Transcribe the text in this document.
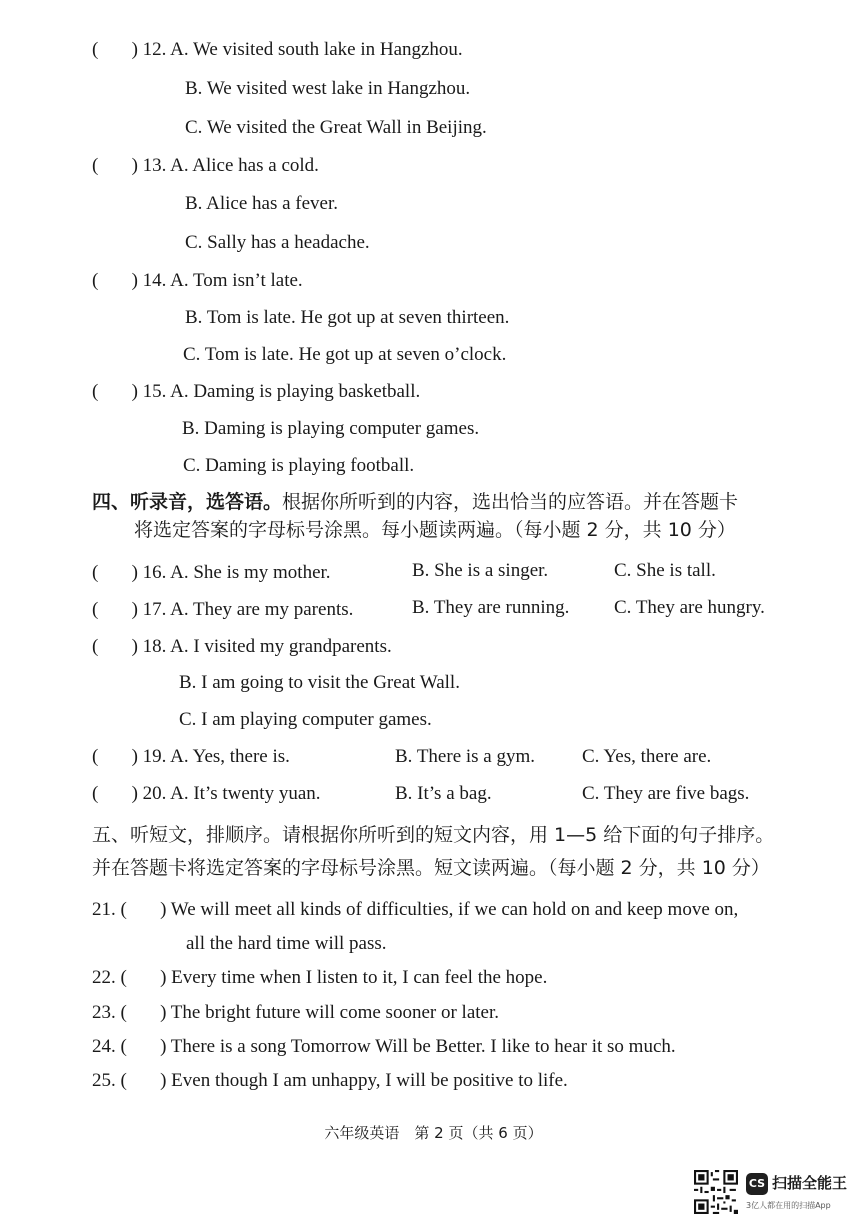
(       ) 12. A. We visited south lake in Hangzhou.
B. We visited west lake in Hangzhou.
C. We visited the Great Wall in Beijing.
(       ) 13. A. Alice has a cold.
B. Alice has a fever.
C. Sally has a headache.
(       ) 14. A. Tom isn’t late.
B. Tom is late. He got up at seven thirteen.
C. Tom is late. He got up at seven o’clock.
(       ) 15. A. Daming is playing basketball.
B. Daming is playing computer games.
C. Daming is playing football.
四、听录音，选答语。根据你所听到的内容，选出恰当的应答语。并在答题卡
将选定答案的字母标号涂黑。每小题读两遍。（每小题 2 分，共 10 分）
(       ) 16. A. She is my mother.	B. She is a singer.	C. She is tall.
(       ) 17. A. They are my parents.	B. They are running. C. They are hungry.
(       ) 18. A. I visited my grandparents.
B. I am going to visit the Great Wall.
C. I am playing computer games.
(       ) 19. A. Yes, there is.	B. There is a gym. C. Yes, there are.
(       ) 20. A. It’s twenty yuan.	B. It’s a bag.	C. They are five bags.
五、听短文，排顺序。请根据你所听到的短文内容，用 1—5 给下面的句子排序。
并在答题卡将选定答案的字母标号涂黑。短文读两遍。（每小题 2 分，共 10 分）
21. ( ) We will meet all kinds of difficulties, if we can hold on and keep move on,
all the hard time will pass.
22. ( ) Every time when I listen to it, I can feel the hope.
23. ( ) The bright future will come sooner or later.
24. ( ) There is a song Tomorrow Will be Better. I like to hear it so much.
25. ( ) Even though I am unhappy, I will be positive to life.
六年级英语　第 2 页（共 6 页）
CS 扫描全能王
3亿人都在用的扫描App
